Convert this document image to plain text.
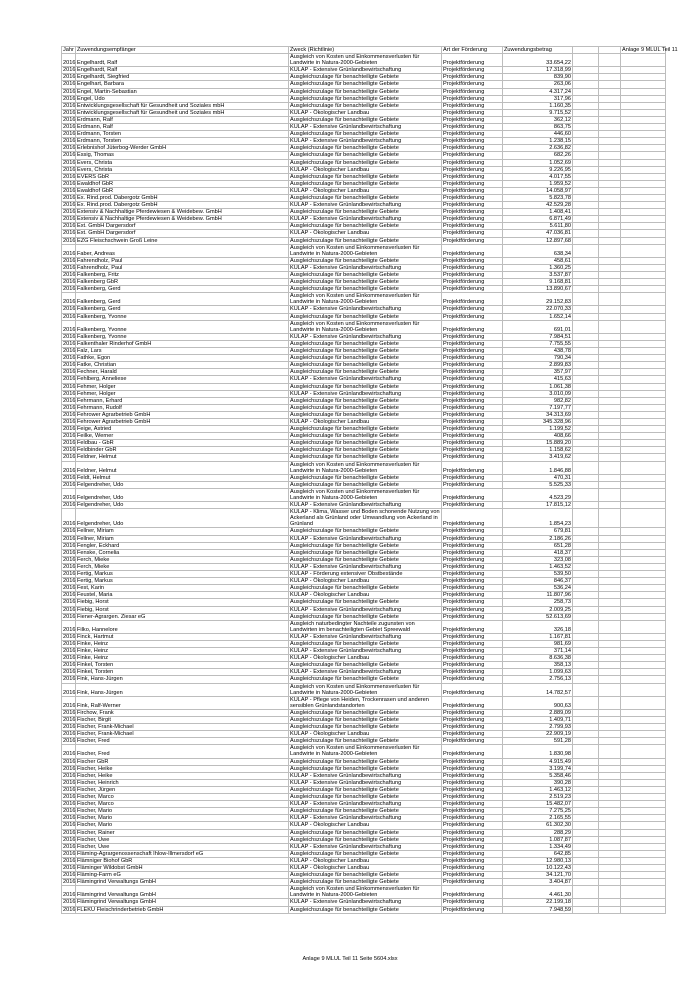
Jahr	Zuwendungsempfänger	Zweck (Richtlinie)	Art der Förderung	Zuwendungsbetrag			Anlage 9 MLUL Teil 11
2016	Engelhardt, Ralf	Ausgleich von Kosten und Einkommensverlusten für Landwirte in Natura-2000-Gebieten	Projektförderung	33.654,22			
2016	Engelhardt, Ralf	KULAP - Extensive Grünlandbewirtschaftung	Projektförderung	17.318,99			
2016	Engelhardt, Siegfried	Ausgleichszulage für benachteiligte Gebiete	Projektförderung	839,90			
2016	Engelhart, Barbara	Ausgleichszulage für benachteiligte Gebiete	Projektförderung	263,06			
2016	Engel, Martin-Sebastian	Ausgleichszulage für benachteiligte Gebiete	Projektförderung	4.317,24			
2016	Engel, Udo	Ausgleichszulage für benachteiligte Gebiete	Projektförderung	317,96			
2016	Entwicklungsgesellschaft für Gesundheit und Soziales mbH	Ausgleichszulage für benachteiligte Gebiete	Projektförderung	1.160,35			
2016	Entwicklungsgesellschaft für Gesundheit und Soziales mbH	KULAP - Ökologischer Landbau	Projektförderung	9.715,52			
2016	Erdmann, Ralf	Ausgleichszulage für benachteiligte Gebiete	Projektförderung	362,12			
2016	Erdmann, Ralf	KULAP - Extensive Grünlandbewirtschaftung	Projektförderung	863,75			
2016	Erdmann, Torsten	Ausgleichszulage für benachteiligte Gebiete	Projektförderung	446,60			
2016	Erdmann, Torsten	KULAP - Extensive Grünlandbewirtschaftung	Projektförderung	1.238,15			
2016	Erlebnishof Jüterbog-Werder GmbH	Ausgleichszulage für benachteiligte Gebiete	Projektförderung	2.636,82			
2016	Essig, Thomas	Ausgleichszulage für benachteiligte Gebiete	Projektförderung	682,26			
2016	Evers, Christa	Ausgleichszulage für benachteiligte Gebiete	Projektförderung	1.052,69			
2016	Evers, Christa	KULAP - Ökologischer Landbau	Projektförderung	9.226,95			
2016	EVERS GbR	Ausgleichszulage für benachteiligte Gebiete	Projektförderung	4.017,55			
2016	Ewaldhof GbR	Ausgleichszulage für benachteiligte Gebiete	Projektförderung	1.959,52			
2016	Ewaldhof GbR	KULAP - Ökologischer Landbau	Projektförderung	14.058,97			
2016	Ex. Rind.prod. Dabergotz GmbH	Ausgleichszulage für benachteiligte Gebiete	Projektförderung	5.823,78			
2016	Ex. Rind.prod. Dabergotz GmbH	KULAP - Extensive Grünlandbewirtschaftung	Projektförderung	42.529,28			
2016	Extensiv & Nachhaltige Pferdewiesen & Weidebew. GmbH	Ausgleichszulage für benachteiligte Gebiete	Projektförderung	1.408,41			
2016	Extensiv & Nachhaltige Pferdewiesen & Weidebew. GmbH	KULAP - Extensive Grünlandbewirtschaftung	Projektförderung	6.871,49			
2016	Ext. GmbH Dargersdorf	Ausgleichszulage für benachteiligte Gebiete	Projektförderung	5.611,80			
2016	Ext. GmbH Dargersdorf	KULAP - Ökologischer Landbau	Projektförderung	47.036,81			
2016	EZG Fleischschwein Groß Leine	Ausgleichszulage für benachteiligte Gebiete	Projektförderung	12.897,68			
2016	Faber, Andreas	Ausgleich von Kosten und Einkommensverlusten für Landwirte in Natura-2000-Gebieten	Projektförderung	638,34			
2016	Fahrendholz, Paul	Ausgleichszulage für benachteiligte Gebiete	Projektförderung	458,61			
2016	Fahrendholz, Paul	KULAP - Extensive Grünlandbewirtschaftung	Projektförderung	1.360,25			
2016	Falkenberg, Fritz	Ausgleichszulage für benachteiligte Gebiete	Projektförderung	3.537,87			
2016	Falkenberg GbR	Ausgleichszulage für benachteiligte Gebiete	Projektförderung	9.168,81			
2016	Falkenberg, Gerd	Ausgleichszulage für benachteiligte Gebiete	Projektförderung	13.890,67			
2016	Falkenberg, Gerd	Ausgleich von Kosten und Einkommensverlusten für Landwirte in Natura-2000-Gebieten	Projektförderung	29.152,83			
2016	Falkenberg, Gerd	KULAP - Extensive Grünlandbewirtschaftung	Projektförderung	22.070,33			
2016	Falkenberg, Yvonne	Ausgleichszulage für benachteiligte Gebiete	Projektförderung	1.652,14			
2016	Falkenberg, Yvonne	Ausgleich von Kosten und Einkommensverlusten für Landwirte in Natura-2000-Gebieten	Projektförderung	691,01			
2016	Falkenberg, Yvonne	KULAP - Extensive Grünlandbewirtschaftung	Projektförderung	7.984,51			
2016	Falkenthaler Rinderhof GmbH	Ausgleichszulage für benachteiligte Gebiete	Projektförderung	7.755,55			
2016	Falz, Lars	Ausgleichszulage für benachteiligte Gebiete	Projektförderung	438,78			
2016	Fathke, Egon	Ausgleichszulage für benachteiligte Gebiete	Projektförderung	790,34			
2016	Fatke, Christian	Ausgleichszulage für benachteiligte Gebiete	Projektförderung	2.899,83			
2016	Fechner, Harald	Ausgleichszulage für benachteiligte Gebiete	Projektförderung	357,97			
2016	Fehlberg, Anneliese	KULAP - Extensive Grünlandbewirtschaftung	Projektförderung	415,63			
2016	Fehmer, Holger	Ausgleichszulage für benachteiligte Gebiete	Projektförderung	1.061,38			
2016	Fehmer, Holger	KULAP - Extensive Grünlandbewirtschaftung	Projektförderung	3.010,09			
2016	Fehrmann, Erhard	Ausgleichszulage für benachteiligte Gebiete	Projektförderung	982,82			
2016	Fehrmann, Rudolf	Ausgleichszulage für benachteiligte Gebiete	Projektförderung	7.197,77			
2016	Fehrower Agrarbetrieb GmbH	Ausgleichszulage für benachteiligte Gebiete	Projektförderung	34.313,69			
2016	Fehrower Agrarbetrieb GmbH	KULAP - Ökologischer Landbau	Projektförderung	345.328,96			
2016	Feige, Astried	Ausgleichszulage für benachteiligte Gebiete	Projektförderung	1.199,52			
2016	Feilke, Werner	Ausgleichszulage für benachteiligte Gebiete	Projektförderung	408,66			
2016	Feldbau - GbR	Ausgleichszulage für benachteiligte Gebiete	Projektförderung	15.889,20			
2016	Feldbinder GbR	Ausgleichszulage für benachteiligte Gebiete	Projektförderung	1.158,62			
2016	Feldner, Helmut	Ausgleichszulage für benachteiligte Gebiete	Projektförderung	3.419,62			
2016	Feldner, Helmut	Ausgleich von Kosten und Einkommensverlusten für Landwirte in Natura-2000-Gebieten	Projektförderung	1.846,88			
2016	Feldt, Helmut	Ausgleichszulage für benachteiligte Gebiete	Projektförderung	470,31			
2016	Felgendreher, Udo	Ausgleichszulage für benachteiligte Gebiete	Projektförderung	5.525,33			
2016	Felgendreher, Udo	Ausgleich von Kosten und Einkommensverlusten für Landwirte in Natura-2000-Gebieten	Projektförderung	4.523,29			
2016	Felgendreher, Udo	KULAP - Extensive Grünlandbewirtschaftung	Projektförderung	17.815,12			
2016	Felgendreher, Udo	KULAP - Klima, Wasser und Boden schonende Nutzung von Ackerland als Grünland oder Umwandlung von Ackerland in Grünland	Projektförderung	1.854,23			
2016	Fellner, Miriam	Ausgleichszulage für benachteiligte Gebiete	Projektförderung	679,81			
2016	Fellner, Miriam	KULAP - Extensive Grünlandbewirtschaftung	Projektförderung	2.186,26			
2016	Fengler, Eckhard	Ausgleichszulage für benachteiligte Gebiete	Projektförderung	651,28			
2016	Fenske, Cornelia	Ausgleichszulage für benachteiligte Gebiete	Projektförderung	418,37			
2016	Ferch, Mieke	Ausgleichszulage für benachteiligte Gebiete	Projektförderung	323,08			
2016	Ferch, Mieke	KULAP - Extensive Grünlandbewirtschaftung	Projektförderung	1.463,52			
2016	Fertig, Markus	KULAP - Förderung extensiver Obstbestände	Projektförderung	539,50			
2016	Fertig, Markus	KULAP - Ökologischer Landbau	Projektförderung	846,37			
2016	Fest, Karin	Ausgleichszulage für benachteiligte Gebiete	Projektförderung	536,24			
2016	Feustel, Maria	KULAP - Ökologischer Landbau	Projektförderung	11.807,96			
2016	Fiebig, Horst	Ausgleichszulage für benachteiligte Gebiete	Projektförderung	258,73			
2016	Fiebig, Horst	KULAP - Extensive Grünlandbewirtschaftung	Projektförderung	2.009,25			
2016	Fiener-Agrargen. Ziesar eG	Ausgleichszulage für benachteiligte Gebiete	Projektförderung	52.613,69			
2016	Filko, Hannelore	Ausgleich naturbedingter Nachteile zugunsten von Landwirten im benachteiligten Gebiet Spreewald	Projektförderung	326,18			
2016	Finck, Hartmut	KULAP - Extensive Grünlandbewirtschaftung	Projektförderung	1.167,81			
2016	Finke, Heinz	Ausgleichszulage für benachteiligte Gebiete	Projektförderung	981,69			
2016	Finke, Heinz	KULAP - Extensive Grünlandbewirtschaftung	Projektförderung	371,14			
2016	Finke, Heinz	KULAP - Ökologischer Landbau	Projektförderung	8.636,38			
2016	Finkel, Torsten	Ausgleichszulage für benachteiligte Gebiete	Projektförderung	358,13			
2016	Finkel, Torsten	KULAP - Extensive Grünlandbewirtschaftung	Projektförderung	1.099,63			
2016	Fink, Hans-Jürgen	Ausgleichszulage für benachteiligte Gebiete	Projektförderung	2.756,13			
2016	Fink, Hans-Jürgen	Ausgleich von Kosten und Einkommensverlusten für Landwirte in Natura-2000-Gebieten	Projektförderung	14.782,57			
2016	Fink, Ralf-Werner	KULAP - Pflege von Heiden, Trockenrasen und anderen sensiblen Grünlandstandorten	Projektförderung	900,63			
2016	Firchow, Frank	Ausgleichszulage für benachteiligte Gebiete	Projektförderung	2.889,09			
2016	Fischer, Birgit	Ausgleichszulage für benachteiligte Gebiete	Projektförderung	1.409,71			
2016	Fischer, Frank-Michael	Ausgleichszulage für benachteiligte Gebiete	Projektförderung	2.799,93			
2016	Fischer, Frank-Michael	KULAP - Ökologischer Landbau	Projektförderung	22.909,19			
2016	Fischer, Fred	Ausgleichszulage für benachteiligte Gebiete	Projektförderung	591,28			
2016	Fischer, Fred	Ausgleich von Kosten und Einkommensverlusten für Landwirte in Natura-2000-Gebieten	Projektförderung	1.830,98			
2016	Fischer GbR	Ausgleichszulage für benachteiligte Gebiete	Projektförderung	4.915,49			
2016	Fischer, Heike	Ausgleichszulage für benachteiligte Gebiete	Projektförderung	3.199,74			
2016	Fischer, Heike	KULAP - Extensive Grünlandbewirtschaftung	Projektförderung	5.358,46			
2016	Fischer, Heinrich	KULAP - Extensive Grünlandbewirtschaftung	Projektförderung	390,28			
2016	Fischer, Jürgen	Ausgleichszulage für benachteiligte Gebiete	Projektförderung	1.463,12			
2016	Fischer, Marco	Ausgleichszulage für benachteiligte Gebiete	Projektförderung	2.519,23			
2016	Fischer, Marco	KULAP - Extensive Grünlandbewirtschaftung	Projektförderung	15.482,07			
2016	Fischer, Mario	Ausgleichszulage für benachteiligte Gebiete	Projektförderung	7.275,25			
2016	Fischer, Mario	KULAP - Extensive Grünlandbewirtschaftung	Projektförderung	2.165,55			
2016	Fischer, Mario	KULAP - Ökologischer Landbau	Projektförderung	61.302,30			
2016	Fischer, Rainer	Ausgleichszulage für benachteiligte Gebiete	Projektförderung	288,29			
2016	Fischer, Uwe	Ausgleichszulage für benachteiligte Gebiete	Projektförderung	1.087,87			
2016	Fischer, Uwe	KULAP - Extensive Grünlandbewirtschaftung	Projektförderung	1.334,49			
2016	Fläming-Agrargenossenschaft Ihlow-Illmersdorf eG	Ausgleichszulage für benachteiligte Gebiete	Projektförderung	642,85			
2016	Flämniger Biohof GbR	KULAP - Ökologischer Landbau	Projektförderung	12.980,13			
2016	Fläminger Wildobst GmbH	KULAP - Ökologischer Landbau	Projektförderung	10.122,43			
2016	Fläming-Farm eG	Ausgleichszulage für benachteiligte Gebiete	Projektförderung	34.121,70			
2016	Flämingrind Verwaltungs GmbH	Ausgleichszulage für benachteiligte Gebiete	Projektförderung	3.404,87			
2016	Flämingrind Verwaltungs GmbH	Ausgleich von Kosten und Einkommensverlusten für Landwirte in Natura-2000-Gebieten	Projektförderung	4.461,30			
2016	Flämingrind Verwaltungs GmbH	KULAP - Extensive Grünlandbewirtschaftung	Projektförderung	22.199,18			
2016	FLEKU Fleischrinderbetrieb GmbH	Ausgleichszulage für benachteiligte Gebiete	Projektförderung	7.948,59			
Anlage 9 MLUL Teil 11 Seite 5604.xlsx
